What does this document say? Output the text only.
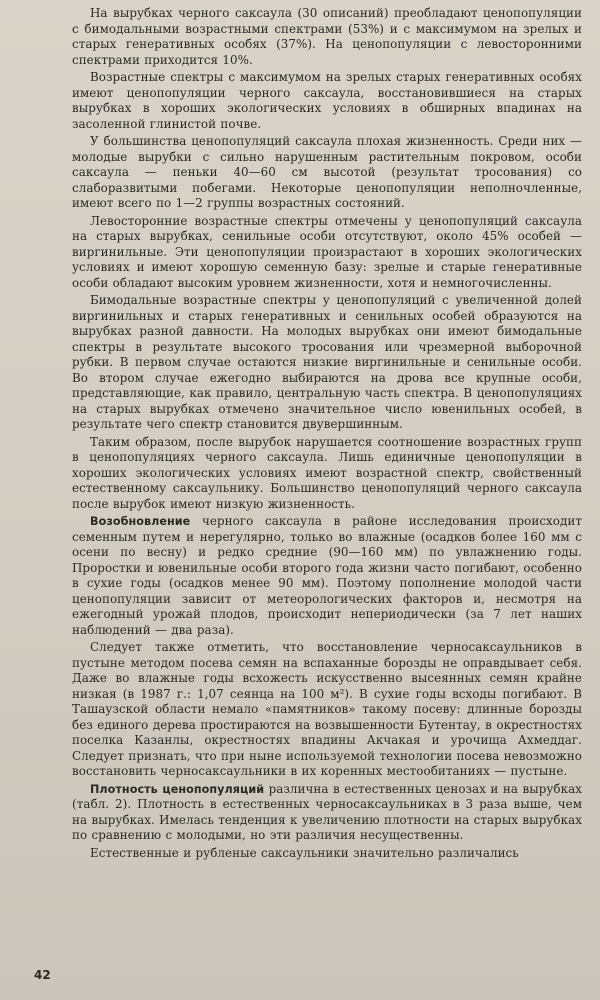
На вырубках черного саксаула (30 описаний) преобладают ценопопуляции с бимодальными возрастными спектрами (53%) и с максимумом на зрелых и старых генеративных особях (37%). На ценопопуляции с левосторонними спектрами приходится 10%.

Возрастные спектры с максимумом на зрелых старых генеративных особях имеют ценопопуляции черного саксаула, восстановившиеся на старых вырубках в хороших экологических условиях в обширных впадинах на засоленной глинистой почве.

У большинства ценопопуляций саксаула плохая жизненность. Среди них — молодые вырубки с сильно нарушенным растительным покровом, особи саксаула — пеньки 40—60 см высотой (результат тросования) со слаборазвитыми побегами. Некоторые ценопопуляции неполночленные, имеют всего по 1—2 группы возрастных состояний.

Левосторонние возрастные спектры отмечены у ценопопуляций саксаула на старых вырубках, сенильные особи отсутствуют, около 45% особей — виргинильные. Эти ценопопуляции произрастают в хороших экологических условиях и имеют хорошую семенную базу: зрелые и старые генеративные особи обладают высоким уровнем жизненности, хотя и немногочисленны.

Бимодальные возрастные спектры у ценопопуляций с увеличенной долей виргинильных и старых генеративных и сенильных особей образуются на вырубках разной давности. На молодых вырубках они имеют бимодальные спектры в результате высокого тросования или чрезмерной выборочной рубки. В первом случае остаются низкие виргинильные и сенильные особи. Во втором случае ежегодно выбираются на дрова все крупные особи, представляющие, как правило, центральную часть спектра. В ценопопуляциях на старых вырубках отмечено значительное число ювенильных особей, в результате чего спектр становится двувершинным.

Таким образом, после вырубок нарушается соотношение возрастных групп в ценопопуляциях черного саксаула. Лишь единичные ценопопуляции в хороших экологических условиях имеют возрастной спектр, свойственный естественному саксаульнику. Большинство ценопопуляций черного саксаула после вырубок имеют низкую жизненность.

Возобновление черного саксаула в районе исследования происходит семенным путем и нерегулярно, только во влажные (осадков более 160 мм с осени по весну) и редко средние (90—160 мм) по увлажнению годы. Проростки и ювенильные особи второго года жизни часто погибают, особенно в сухие годы (осадков менее 90 мм). Поэтому пополнение молодой части ценопопуляции зависит от метеорологических факторов и, несмотря на ежегодный урожай плодов, происходит непериодически (за 7 лет наших наблюдений — два раза).

Следует также отметить, что восстановление черносаксаульников в пустыне методом посева семян на вспаханные борозды не оправдывает себя. Даже во влажные годы всхожесть искусственно высеянных семян крайне низкая (в 1987 г.: 1,07 сеянца на 100 м²). В сухие годы всходы погибают. В Ташаузской области немало «памятников» такому посеву: длинные борозды без единого дерева простираются на возвышенности Бутентау, в окрестностях поселка Казанлы, окрестностях впадины Акчакая и урочища Ахмеддаг. Следует признать, что при ныне используемой технологии посева невозможно восстановить черносаксаульники в их коренных местообитаниях — пустыне.

Плотность ценопопуляций различна в естественных ценозах и на вырубках (табл. 2). Плотность в естественных черносаксаульниках в 3 раза выше, чем на вырубках. Имелась тенденция к увеличению плотности на старых вырубках по сравнению с молодыми, но эти различия несущественны.

Естественные и рубленые саксаульники значительно различались

42
